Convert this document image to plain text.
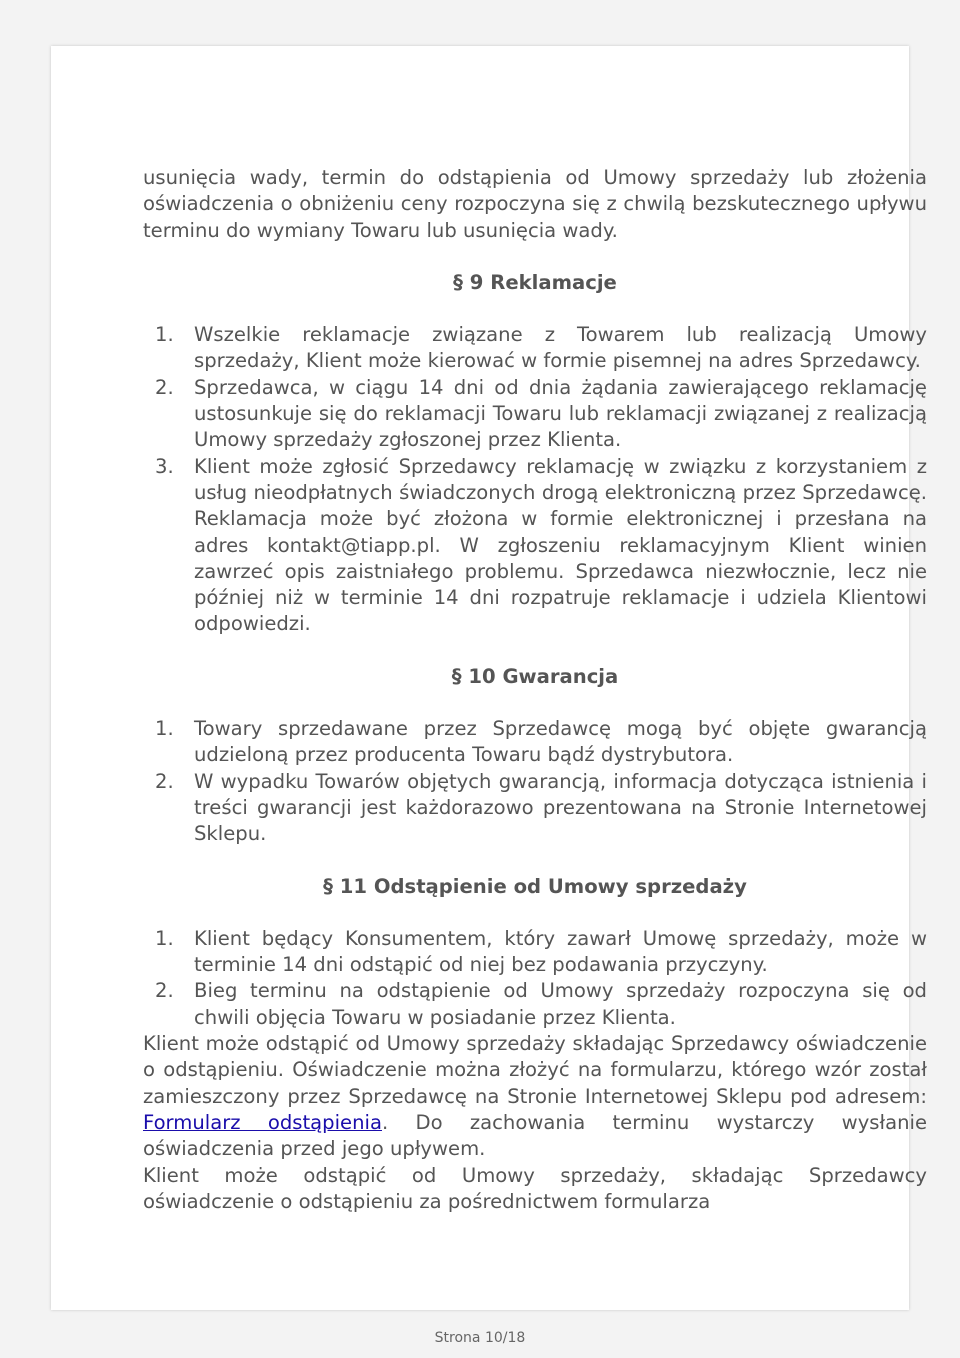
usunięcia wady, termin do odstąpienia od Umowy sprzedaży lub złożenia oświadczenia o obniżeniu ceny rozpoczyna się z chwilą bezskutecznego upływu terminu do wymiany Towaru lub usunięcia wady.

§ 9 Reklamacje
1.	Wszelkie reklamacje związane z Towarem lub realizacją Umowy sprzedaży, Klient może kierować w formie pisemnej na adres Sprzedawcy.
2.	Sprzedawca, w ciągu 14 dni od dnia żądania zawierającego reklamację ustosunkuje się do reklamacji Towaru lub reklamacji związanej z realizacją Umowy sprzedaży zgłoszonej przez Klienta.
3.	Klient może zgłosić Sprzedawcy reklamację w związku z korzystaniem z usług nieodpłatnych świadczonych drogą elektroniczną przez Sprzedawcę. Reklamacja może być złożona w formie elektronicznej i przesłana na adres kontakt@tiapp.pl. W zgłoszeniu reklamacyjnym Klient winien zawrzeć opis zaistniałego problemu. Sprzedawca niezwłocznie, lecz nie później niż w terminie 14 dni rozpatruje reklamacje i udziela Klientowi odpowiedzi.
§ 10 Gwarancja
1.	Towary sprzedawane przez Sprzedawcę mogą być objęte gwarancją udzieloną przez producenta Towaru bądź dystrybutora.
2.	W wypadku Towarów objętych gwarancją, informacja dotycząca istnienia i treści gwarancji jest każdorazowo prezentowana na Stronie Internetowej Sklepu.
§ 11 Odstąpienie od Umowy sprzedaży
1.	Klient będący Konsumentem, który zawarł Umowę sprzedaży, może w terminie 14 dni odstąpić od niej bez podawania przyczyny.
2.	Bieg terminu na odstąpienie od Umowy sprzedaży rozpoczyna się od chwili objęcia Towaru w posiadanie przez Klienta.

Klient może odstąpić od Umowy sprzedaży składając Sprzedawcy oświadczenie o odstąpieniu. Oświadczenie można złożyć na formularzu, którego wzór został zamieszczony przez Sprzedawcę na Stronie Internetowej Sklepu pod adresem: Formularz odstąpienia. Do zachowania terminu wystarczy wysłanie oświadczenia przed jego upływem.

Klient może odstąpić od Umowy sprzedaży, składając Sprzedawcy oświadczenie o odstąpieniu za pośrednictwem formularza

Strona 10/18
